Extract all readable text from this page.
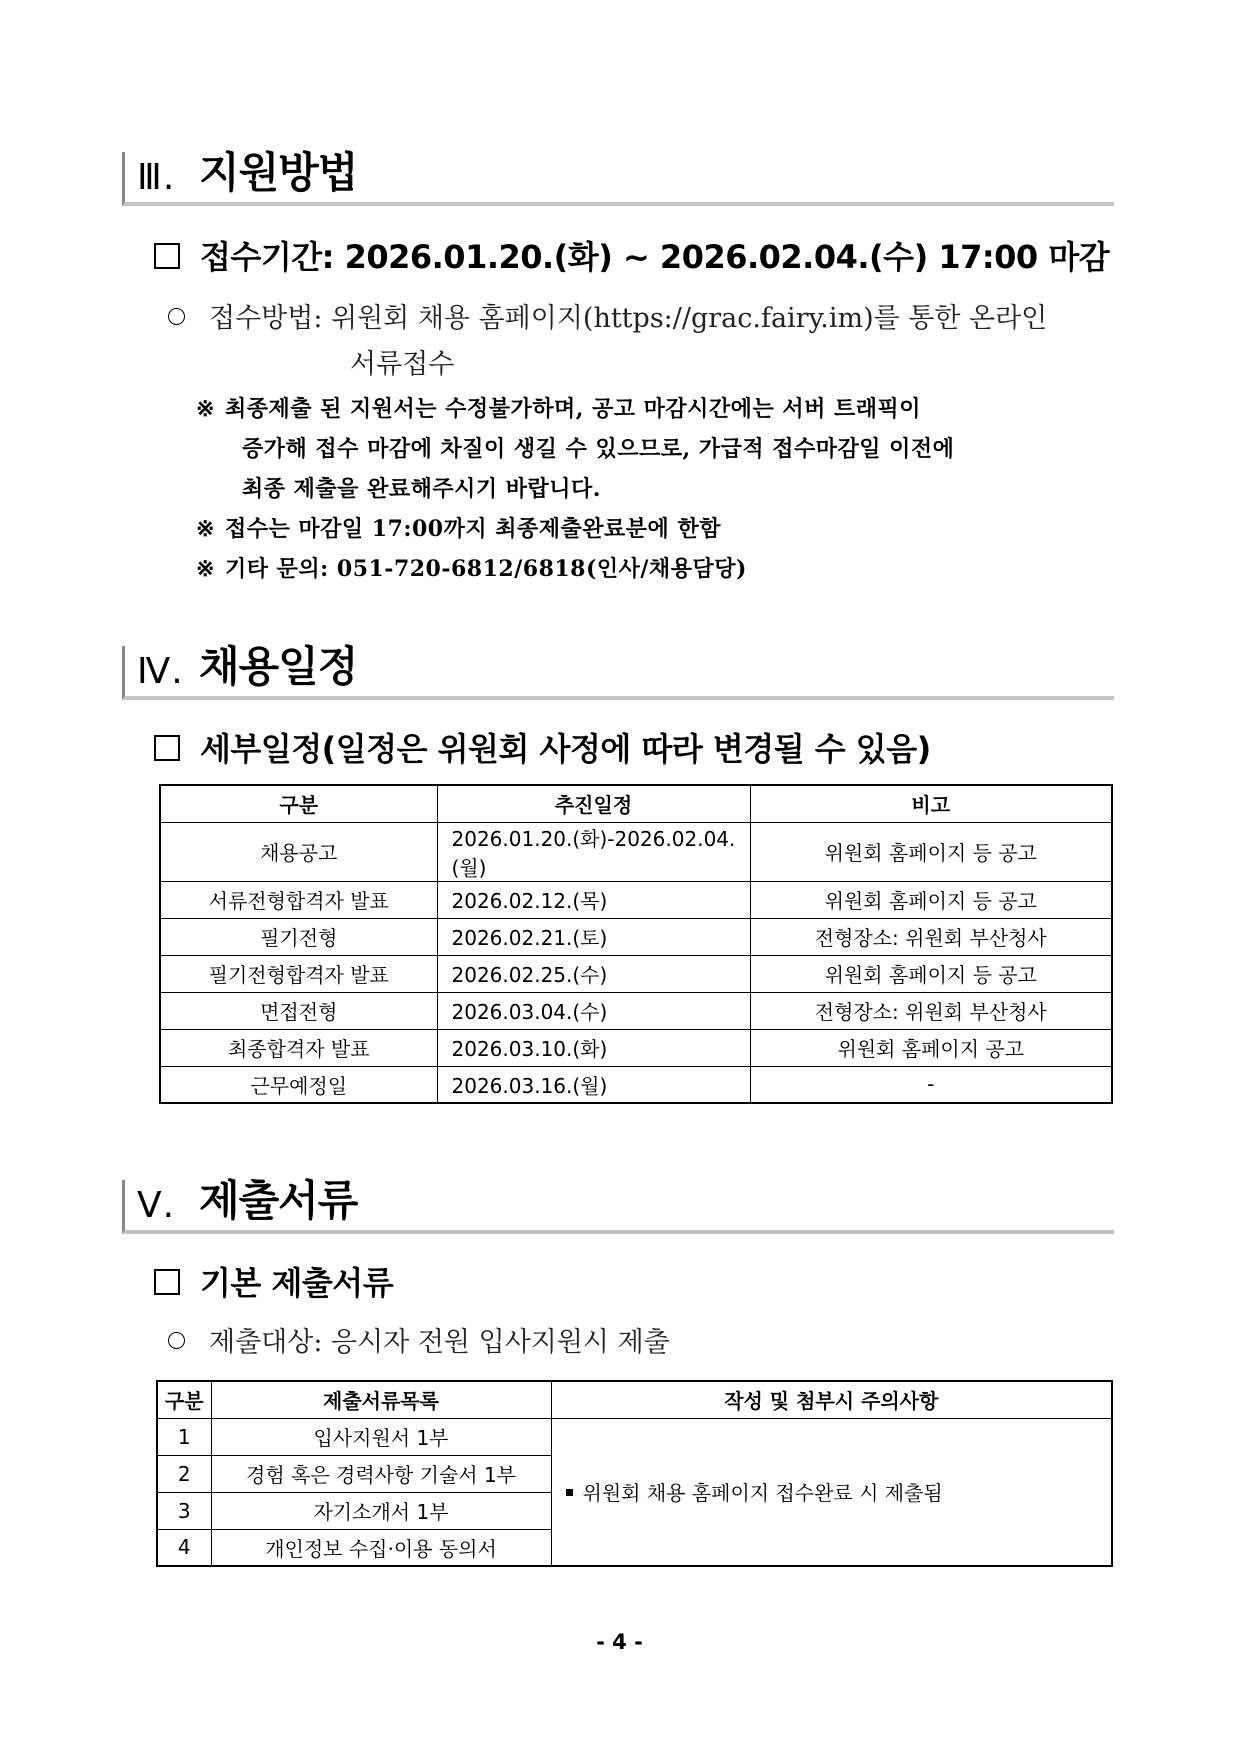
Ⅲ. 지원방법
접수기간: 2026.01.20.(화) ~ 2026.02.04.(수) 17:00 마감
접수방법: 위원회 채용 홈페이지(https://grac.fairy.im)를 통한 온라인
서류접수
※ 최종제출 된 지원서는 수정불가하며, 공고 마감시간에는 서버 트래픽이
증가해 접수 마감에 차질이 생길 수 있으므로, 가급적 접수마감일 이전에
최종 제출을 완료해주시기 바랍니다.
※ 접수는 마감일 17:00까지 최종제출완료분에 한함
※ 기타 문의: 051-720-6812/6818(인사/채용담당)
Ⅳ. 채용일정
세부일정(일정은 위원회 사정에 따라 변경될 수 있음)
구분	추진일정	비고
채용공고	2026.01.20.(화)-2026.02.04.(월)	위원회 홈페이지 등 공고
서류전형합격자 발표	2026.02.12.(목)	위원회 홈페이지 등 공고
필기전형	2026.02.21.(토)	전형장소: 위원회 부산청사
필기전형합격자 발표	2026.02.25.(수)	위원회 홈페이지 등 공고
면접전형	2026.03.04.(수)	전형장소: 위원회 부산청사
최종합격자 발표	2026.03.10.(화)	위원회 홈페이지 공고
근무예정일	2026.03.16.(월)	-
Ⅴ. 제출서류
기본 제출서류
제출대상: 응시자 전원 입사지원시 제출
구분	제출서류목록	작성 및 첨부시 주의사항
1	입사지원서 1부	위원회 채용 홈페이지 접수완료 시 제출됨
2	경험 혹은 경력사항 기술서 1부	
3	자기소개서 1부	
4	개인정보 수집·이용 동의서	
- 4 -
